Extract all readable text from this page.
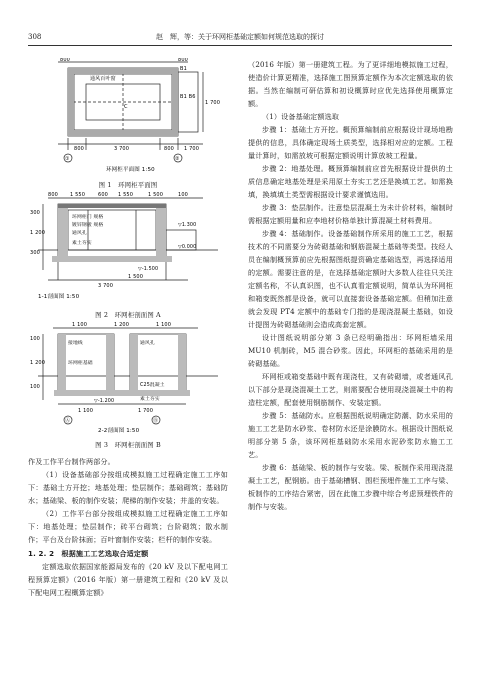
308	赵　辉，等：关于环网柜基础定额如何规范选取的探讨
通风百叶窗
B1
B1 B6
1 700
C
800	3 700	800 1 700
800	800
①	②
环网柜平面图 1:50
图 1　环网柜平面图
800 1 550	600 1 550	1 500	100
环网柜门 规格
镀锌钢板 规格
通风孔
素土夯实
▽0.000
▽-1.500
▽1.300
1 500
3 700
300
1 200
300
1-1剖面图 1:50
图 2　环网柜剖面图 A
1 100	1 200	1 100
接地线	通风孔
环网柜基础
C25混凝土
素土夯实
▽-1.200
1 100	1 700
Ⓐ	Ⓑ
100
1 200
100
2-2剖面图 1:50
图 3　环网柜剖面图 B

作及工作平台制作两部分。

（1）设备基础部分按组成模拟施工过程确定施工工序如下：基础土方开挖；地基处理；垫层制作；基础砌筑；基础防水；基础梁、板的制作安装；爬梯的制作安装；井盖的安装。

（2）工作平台部分按组成模拟施工过程确定施工工序如下：地基处理；垫层制作；砖平台砌筑；台阶砌筑；散水制作；平台及台阶抹面；百叶窗制作安装；栏杆的制作安装。

1. 2. 2　根据施工工艺选取合适定额

定额选取依据国家能源局发布的《20 kV 及以下配电网工程预算定额》（2016 年版）第一册建筑工程和《20 kV 及以下配电网工程概算定额》

（2016 年版）第一册建筑工程。为了更详细地模拟施工过程，使造价计算更精准，选择施工图预算定额作为本次定额选取的依据。当然在编制可研估算和初设概算时应优先选择使用概算定额。

（1）设备基础定额选取

步骤 1：基础土方开挖。概预算编制前应根据设计现场地勘提供的信息，具体确定现场土质类型，选择相对应的定额。工程量计算时，如需放坡可根据定额说明计算放坡工程量。

步骤 2：地基处理。概预算编制前应首先根据设计提供的土质信息确定地基处理是采用原土夯实工艺还是换填工艺。如需换填，换填填土类型需根据设计要求谨慎选用。

步骤 3：垫层制作。注意垫层混凝土为未计价材料，编制时需根据定额用量和应李地材价格单独计算混凝土材料费用。

步骤 4：基础制作。设备基础制作所采用的施工工艺，根据技术的不同需要分为砖砌基础和钢筋混凝土基础等类型。技经人员在编制概预算前应先根据图纸提资确定基础选型，再选择适用的定额。需要注意的是，在选择基础定额时大多数人往往只关注定额名称，不认真识图，也不认真看定额说明，简单认为环网柜和箱变既然都是设备，就可以直接套设备基础定额。但稍加注意就会发现 PT4 定额中的基础专门指的是现浇混凝土基础，如设计提图为砖砌基础则会造成高套定额。

设计图纸说明部分第 3 条已经明确指出：环网柜墙采用 MU10 机制砖，M5 混合砂浆。因此，环网柜的基础采用的是砖砌基础。

环网柜或箱变基础中既有现浇柱，又有砖砌墙，或者通风孔以下部分是现浇混凝土工艺，则需要配合使用现浇混凝土中的构造柱定额，配套使用钢筋制作、安装定额。

步骤 5：基础防水。应根据图纸说明确定防潮、防水采用的施工工艺是防水砂浆、卷材防水还是涂膜防水。根据设计图纸说明部分第 5 条，该环网柜基础防水采用水泥砂浆防水施工工艺。

步骤 6：基础梁、板的制作与安装。梁、板制作采用现浇混凝土工艺，配钢筋。由于基础槽钢、围栏预埋件施工工序与梁、板制作的工序结合紧密，因在此施工步骤中综合考虑预埋铁件的制作与安装。
